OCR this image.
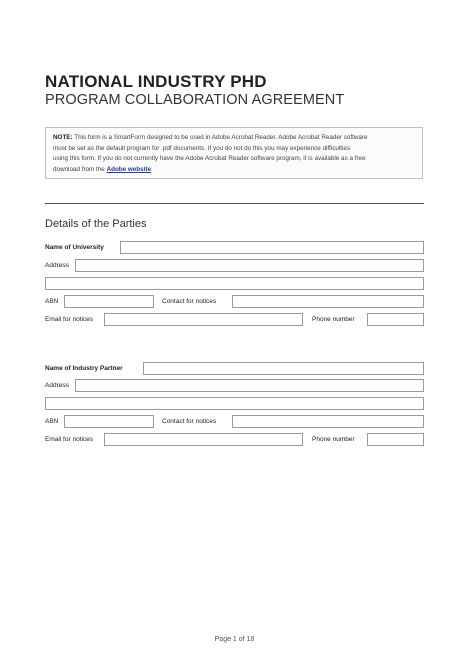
NATIONAL INDUSTRY PHD
PROGRAM COLLABORATION AGREEMENT
NOTE: This form is a SmartForm designed to be used in Adobe Acrobat Reader. Adobe Acrobat Reader software
must be set as the default program for .pdf documents. If you do not do this you may experience difficulties
using this form. If you do not currently have the Adobe Acrobat Reader software program, it is available as a free
download from the Adobe website.
Details of the Parties
Name of University
Address
ABN	Contact for notices
Email for notices	Phone number
Name of Industry Partner
Address
ABN	Contact for notices
Email for notices	Phone number
Page 1 of 18
